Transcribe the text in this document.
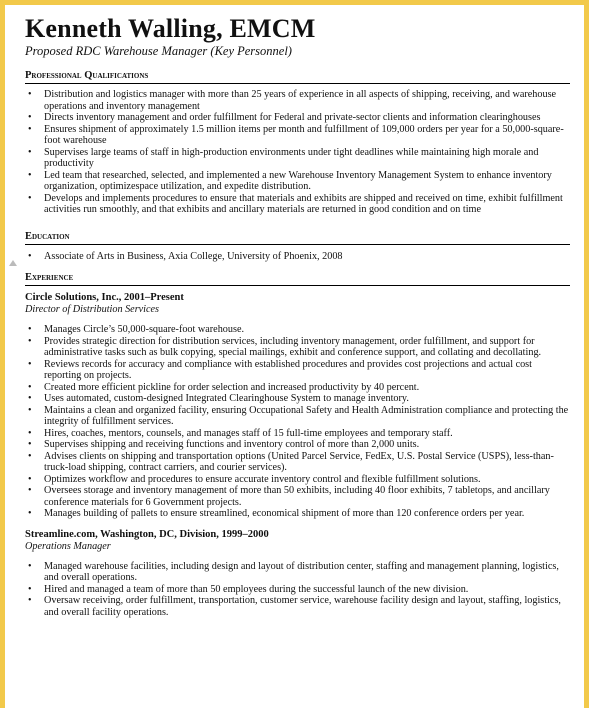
Kenneth Walling, EMCM
Proposed RDC Warehouse Manager (Key Personnel)
Professional Qualifications
• Distribution and logistics manager with more than 25 years of experience in all aspects of shipping, receiving, and warehouse operations and inventory management
• Directs inventory management and order fulfillment for Federal and private-sector clients and information clearinghouses
• Ensures shipment of approximately 1.5 million items per month and fulfillment of 109,000 orders per year for a 50,000-square-foot warehouse
• Supervises large teams of staff in high-production environments under tight deadlines while maintaining high morale and productivity
• Led team that researched, selected, and implemented a new Warehouse Inventory Management System to enhance inventory organization, optimizespace utilization, and expedite distribution.
• Develops and implements procedures to ensure that materials and exhibits are shipped and received on time, exhibit fulfillment activities run smoothly, and that exhibits and ancillary materials are returned in good condition and on time
Education
• Associate of Arts in Business, Axia College, University of Phoenix, 2008
Experience
Circle Solutions, Inc., 2001–Present
Director of Distribution Services
• Manages Circle’s 50,000-square-foot warehouse.
• Provides strategic direction for distribution services, including inventory management, order fulfillment, and support for administrative tasks such as bulk copying, special mailings, exhibit and conference support, and collating and decollating.
• Reviews records for accuracy and compliance with established procedures and provides cost projections and actual cost reporting on projects.
• Created more efficient pickline for order selection and increased productivity by 40 percent.
• Uses automated, custom-designed Integrated Clearinghouse System to manage inventory.
• Maintains a clean and organized facility, ensuring Occupational Safety and Health Administration compliance and protecting the integrity of fulfillment services.
• Hires, coaches, mentors, counsels, and manages staff of 15 full-time employees and temporary staff.
• Supervises shipping and receiving functions and inventory control of more than 2,000 units.
• Advises clients on shipping and transportation options (United Parcel Service, FedEx, U.S. Postal Service (USPS), less-than-truck-load shipping, contract carriers, and courier services).
• Optimizes workflow and procedures to ensure accurate inventory control and flexible fulfillment solutions.
• Oversees storage and inventory management of more than 50 exhibits, including 40 floor exhibits, 7 tabletops, and ancillary conference materials for 6 Government projects.
• Manages building of pallets to ensure streamlined, economical shipment of more than 120 conference orders per year.
Streamline.com, Washington, DC, Division, 1999–2000
Operations Manager
• Managed warehouse facilities, including design and layout of distribution center, staffing and management planning, logistics, and overall operations.
• Hired and managed a team of more than 50 employees during the successful launch of the new division.
• Oversaw receiving, order fulfillment, transportation, customer service, warehouse facility design and layout, staffing, logistics, and overall facility operations.
